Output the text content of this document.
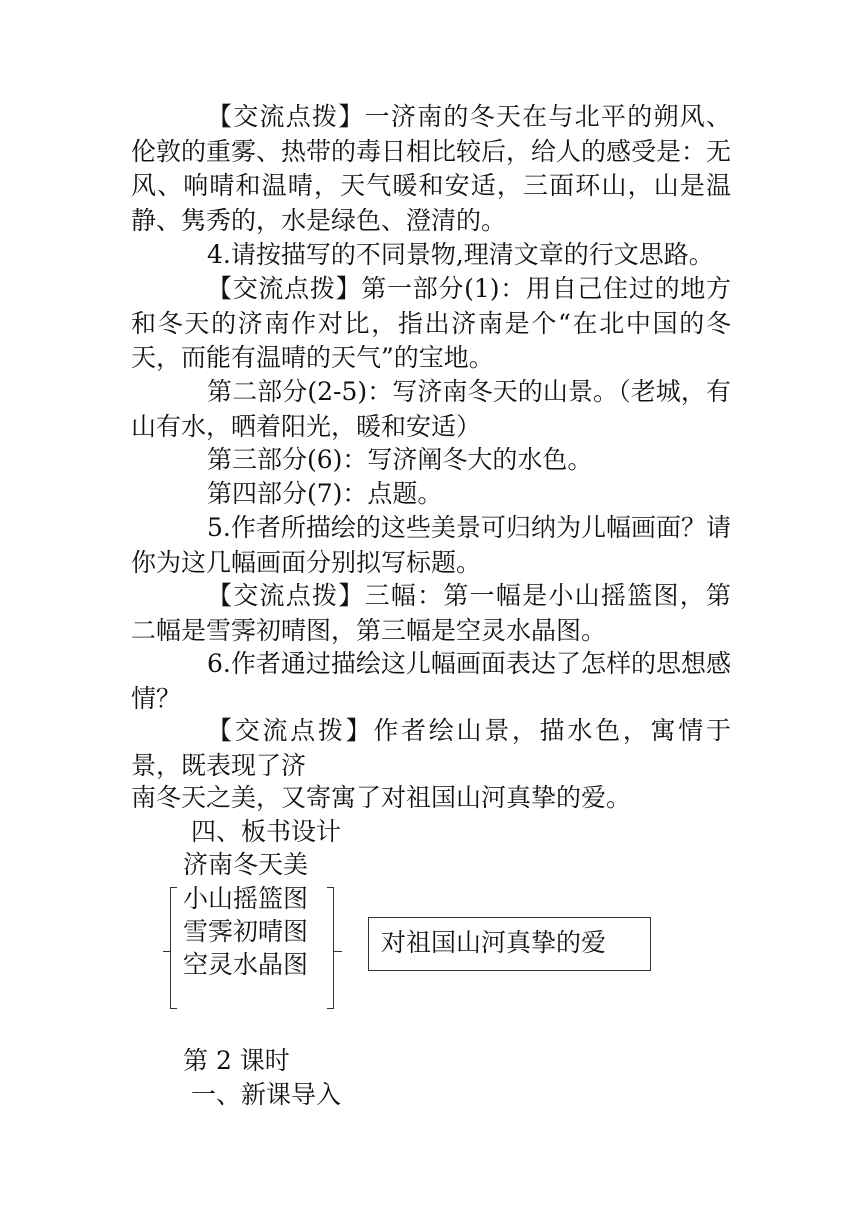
【交流点拨】一济南的冬天在与北平的朔风、伦敦的重雾、热带的毒日相比较后，给人的感受是：无风、响晴和温晴，天气暖和安适，三面环山，山是温静、隽秀的，水是绿色、澄清的。

4.请按描写的不同景物,理清文章的行文思路。

【交流点拨】第一部分(1)：用自己住过的地方和冬天的济南作对比，指出济南是个“在北中国的冬天，而能有温晴的天气”的宝地。

第二部分(2-5)：写济南冬天的山景。（老城，有山有水，晒着阳光，暖和安适）

第三部分(6)：写济阐冬大的水色。

第四部分(7)：点题。

5.作者所描绘的这些美景可归纳为儿幅画面？请你为这几幅画面分别拟写标题。

【交流点拨】三幅：第一幅是小山摇篮图，第二幅是雪霁初晴图，第三幅是空灵水晶图。

6.作者通过描绘这儿幅画面表达了怎样的思想感情？

【交流点拨】作者绘山景，描水色，寓情于景，既表现了济

南冬天之美，又寄寓了对祖国山河真挚的爱。

四、板书设计

济南冬天美

小山摇篮图

雪霁初晴图

空灵水晶图

对祖国山河真挚的爱

第 2 课时

一、新课导入
